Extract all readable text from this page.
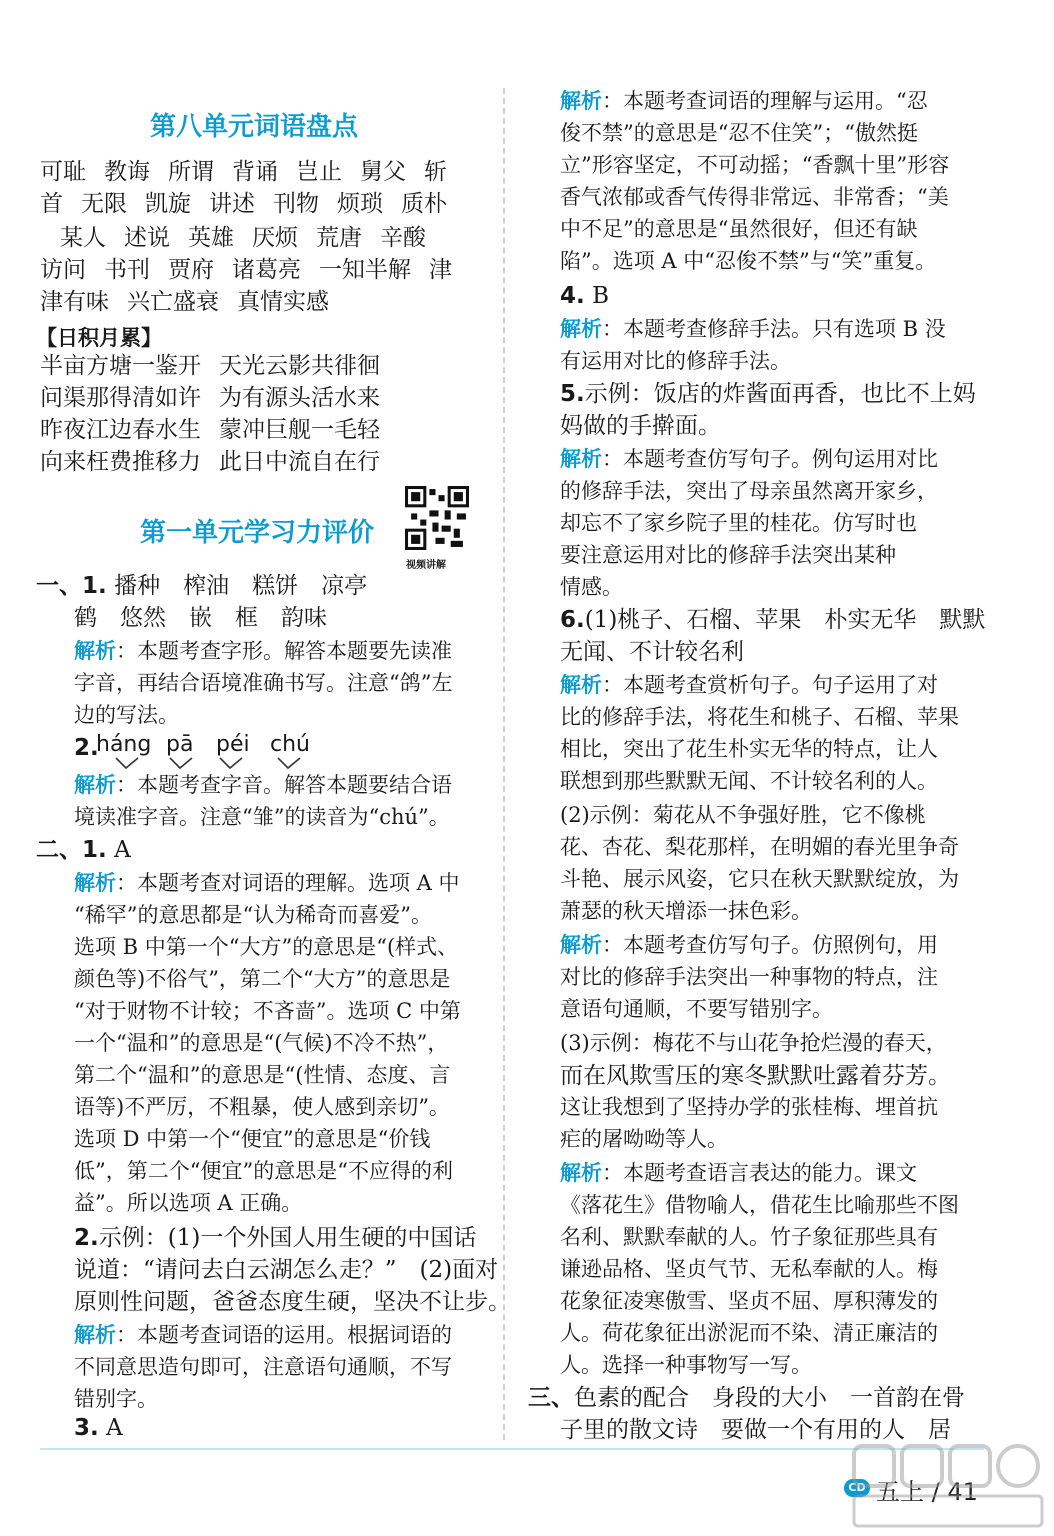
第八单元词语盘点
可耻 教诲 所谓 背诵 岂止 舅父 斩
首 无限 凯旋 讲述 刊物 烦琐 质朴
某人 述说 英雄 厌烦 荒唐 辛酸
访问 书刊 贾府 诸葛亮 一知半解 津
津有味 兴亡盛衰 真情实感
【日积月累】
半亩方塘一鉴开 天光云影共徘徊
问渠那得清如许 为有源头活水来
昨夜江边春水生 蒙冲巨舰一毛轻
向来枉费推移力 此日中流自在行
第一单元学习力评价
视频讲解
一、1. 播种　榨油　糕饼　凉亭
鹤　悠然　嵌　框　韵味
解析：本题考查字形。解答本题要先读准
字音，再结合语境准确书写。注意“鸽”左
边的写法。
2.
háng pā péi chú
解析：本题考查字音。解答本题要结合语
境读准字音。注意“雏”的读音为“chú”。
二、1. A
解析：本题考查对词语的理解。选项 A 中
“稀罕”的意思都是“认为稀奇而喜爱”。
选项 B 中第一个“大方”的意思是“(样式、
颜色等)不俗气”，第二个“大方”的意思是
“对于财物不计较；不吝啬”。选项 C 中第
一个“温和”的意思是“(气候)不冷不热”，
第二个“温和”的意思是“(性情、态度、言
语等)不严厉，不粗暴，使人感到亲切”。
选项 D 中第一个“便宜”的意思是“价钱
低”，第二个“便宜”的意思是“不应得的利
益”。所以选项 A 正确。
2.示例：(1)一个外国人用生硬的中国话
说道：“请问去白云湖怎么走？”　(2)面对
原则性问题，爸爸态度生硬，坚决不让步。
解析：本题考查词语的运用。根据词语的
不同意思造句即可，注意语句通顺，不写
错别字。
3. A
解析：本题考查词语的理解与运用。“忍
俊不禁”的意思是“忍不住笑”；“傲然挺
立”形容坚定，不可动摇；“香飘十里”形容
香气浓郁或香气传得非常远、非常香；“美
中不足”的意思是“虽然很好，但还有缺
陷”。选项 A 中“忍俊不禁”与“笑”重复。
4. B
解析：本题考查修辞手法。只有选项 B 没
有运用对比的修辞手法。
5.示例：饭店的炸酱面再香，也比不上妈
妈做的手擀面。
解析：本题考查仿写句子。例句运用对比
的修辞手法，突出了母亲虽然离开家乡，
却忘不了家乡院子里的桂花。仿写时也
要注意运用对比的修辞手法突出某种
情感。
6.(1)桃子、石榴、苹果　朴实无华　默默
无闻、不计较名利
解析：本题考查赏析句子。句子运用了对
比的修辞手法，将花生和桃子、石榴、苹果
相比，突出了花生朴实无华的特点，让人
联想到那些默默无闻、不计较名利的人。
(2)示例：菊花从不争强好胜，它不像桃
花、杏花、梨花那样，在明媚的春光里争奇
斗艳、展示风姿，它只在秋天默默绽放，为
萧瑟的秋天增添一抹色彩。
解析：本题考查仿写句子。仿照例句，用
对比的修辞手法突出一种事物的特点，注
意语句通顺，不要写错别字。
(3)示例：梅花不与山花争抢烂漫的春天，
而在风欺雪压的寒冬默默吐露着芬芳。
这让我想到了坚持办学的张桂梅、埋首抗
疟的屠呦呦等人。
解析：本题考查语言表达的能力。课文
《落花生》借物喻人，借花生比喻那些不图
名利、默默奉献的人。竹子象征那些具有
谦逊品格、坚贞气节、无私奉献的人。梅
花象征凌寒傲雪、坚贞不屈、厚积薄发的
人。荷花象征出淤泥而不染、清正廉洁的
人。选择一种事物写一写。
三、色素的配合　身段的大小　一首韵在骨
子里的散文诗　要做一个有用的人　居
CD 五上 / 41
